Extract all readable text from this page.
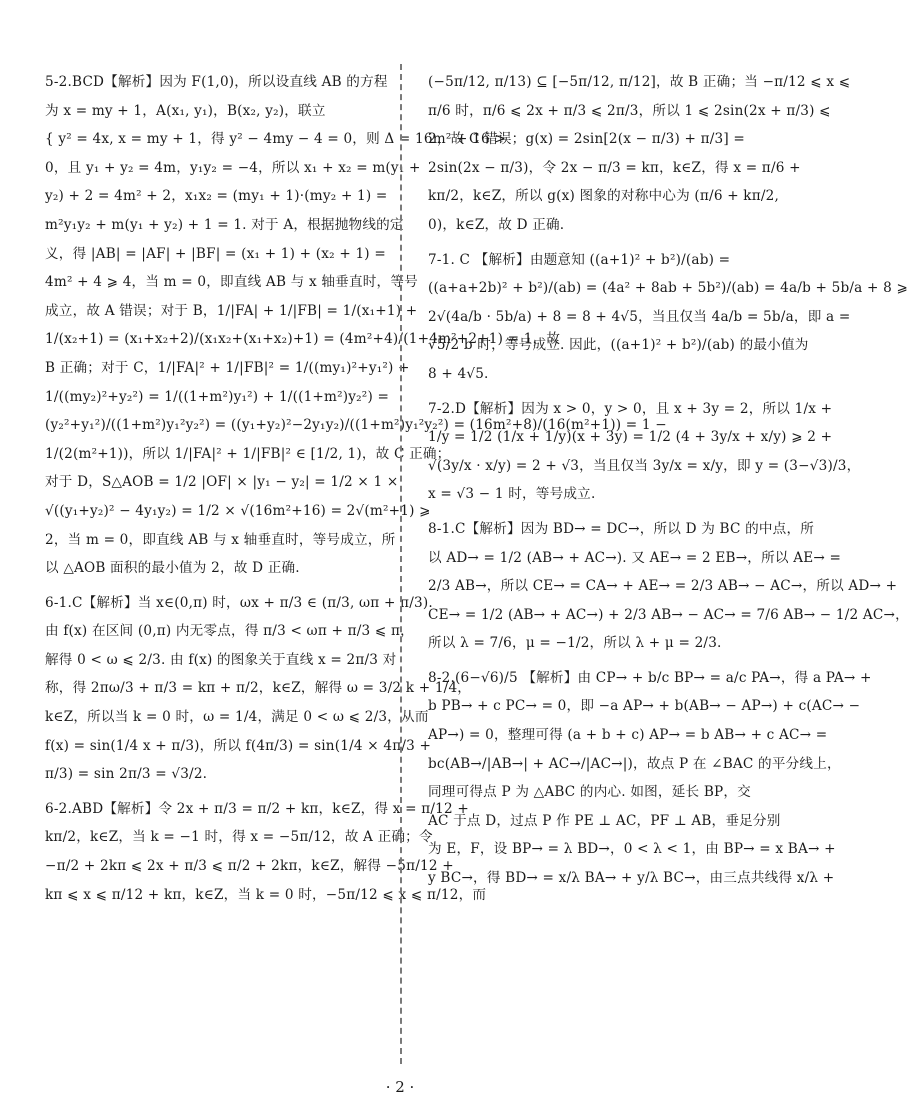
5-2.BCD【解析】因为 F(1,0)，所以设直线 AB 的方程
为 x = my + 1，A(x₁, y₁)，B(x₂, y₂)，联立
{ y² = 4x, x = my + 1，得 y² − 4my − 4 = 0，则 Δ = 16m² + 16 >
0，且 y₁ + y₂ = 4m，y₁y₂ = −4，所以 x₁ + x₂ = m(y₁ +
y₂) + 2 = 4m² + 2，x₁x₂ = (my₁ + 1)·(my₂ + 1) =
m²y₁y₂ + m(y₁ + y₂) + 1 = 1. 对于 A，根据抛物线的定
义，得 |AB| = |AF| + |BF| = (x₁ + 1) + (x₂ + 1) =
4m² + 4 ⩾ 4，当 m = 0，即直线 AB 与 x 轴垂直时，等号
成立，故 A 错误；对于 B，1/|FA| + 1/|FB| = 1/(x₁+1) +
1/(x₂+1) = (x₁+x₂+2)/(x₁x₂+(x₁+x₂)+1) = (4m²+4)/(1+4m²+2+1) = 1，故
B 正确；对于 C，1/|FA|² + 1/|FB|² = 1/((my₁)²+y₁²) +
1/((my₂)²+y₂²) = 1/((1+m²)y₁²) + 1/((1+m²)y₂²) =
(y₂²+y₁²)/((1+m²)y₁²y₂²) = ((y₁+y₂)²−2y₁y₂)/((1+m²)y₁²y₂²) = (16m²+8)/(16(m²+1)) = 1 −
1/(2(m²+1))，所以 1/|FA|² + 1/|FB|² ∈ [1/2, 1)，故 C 正确；
对于 D，S△AOB = 1/2 |OF| × |y₁ − y₂| = 1/2 × 1 ×
√((y₁+y₂)² − 4y₁y₂) = 1/2 × √(16m²+16) = 2√(m²+1) ⩾
2，当 m = 0，即直线 AB 与 x 轴垂直时，等号成立，所
以 △AOB 面积的最小值为 2，故 D 正确.
6-1.C【解析】当 x∈(0,π) 时，ωx + π/3 ∈ (π/3, ωπ + π/3).
由 f(x) 在区间 (0,π) 内无零点，得 π/3 < ωπ + π/3 ⩽ π，
解得 0 < ω ⩽ 2/3. 由 f(x) 的图象关于直线 x = 2π/3 对
称，得 2πω/3 + π/3 = kπ + π/2，k∈Z，解得 ω = 3/2 k + 1/4，
k∈Z，所以当 k = 0 时，ω = 1/4，满足 0 < ω ⩽ 2/3，从而
f(x) = sin(1/4 x + π/3)，所以 f(4π/3) = sin(1/4 × 4π/3 +
π/3) = sin 2π/3 = √3/2.
6-2.ABD【解析】令 2x + π/3 = π/2 + kπ，k∈Z，得 x = π/12 +
kπ/2，k∈Z，当 k = −1 时，得 x = −5π/12，故 A 正确；令
−π/2 + 2kπ ⩽ 2x + π/3 ⩽ π/2 + 2kπ，k∈Z，解得 −5π/12 +
kπ ⩽ x ⩽ π/12 + kπ，k∈Z，当 k = 0 时，−5π/12 ⩽ x ⩽ π/12，而
(−5π/12, π/13) ⊆ [−5π/12, π/12]，故 B 正确；当 −π/12 ⩽ x ⩽
π/6 时，π/6 ⩽ 2x + π/3 ⩽ 2π/3，所以 1 ⩽ 2sin(2x + π/3) ⩽
2，故 C 错误；g(x) = 2sin[2(x − π/3) + π/3] =
2sin(2x − π/3)，令 2x − π/3 = kπ，k∈Z，得 x = π/6 +
kπ/2，k∈Z，所以 g(x) 图象的对称中心为 (π/6 + kπ/2,
0)，k∈Z，故 D 正确.
7-1. C 【解析】由题意知 ((a+1)² + b²)/(ab) =
((a+a+2b)² + b²)/(ab) = (4a² + 8ab + 5b²)/(ab) = 4a/b + 5b/a + 8 ⩾
2√(4a/b · 5b/a) + 8 = 8 + 4√5，当且仅当 4a/b = 5b/a，即 a =
√5/2 b 时，等号成立. 因此，((a+1)² + b²)/(ab) 的最小值为
8 + 4√5.
7-2.D【解析】因为 x > 0，y > 0，且 x + 3y = 2，所以 1/x +
1/y = 1/2 (1/x + 1/y)(x + 3y) = 1/2 (4 + 3y/x + x/y) ⩾ 2 +
√(3y/x · x/y) = 2 + √3，当且仅当 3y/x = x/y，即 y = (3−√3)/3，
x = √3 − 1 时，等号成立.
8-1.C【解析】因为 BD→ = DC→，所以 D 为 BC 的中点，所
以 AD→ = 1/2 (AB→ + AC→). 又 AE→ = 2 EB→，所以 AE→ =
2/3 AB→，所以 CE→ = CA→ + AE→ = 2/3 AB→ − AC→，所以 AD→ +
CE→ = 1/2 (AB→ + AC→) + 2/3 AB→ − AC→ = 7/6 AB→ − 1/2 AC→，
所以 λ = 7/6，μ = −1/2，所以 λ + μ = 2/3.
8-2.(6−√6)/5 【解析】由 CP→ + b/c BP→ = a/c PA→，得 a PA→ +
b PB→ + c PC→ = 0，即 −a AP→ + b(AB→ − AP→) + c(AC→ −
AP→) = 0，整理可得 (a + b + c) AP→ = b AB→ + c AC→ =
bc(AB→/|AB→| + AC→/|AC→|)，故点 P 在 ∠BAC 的平分线上，
同理可得点 P 为 △ABC 的内心. 如图，延长 BP，交
AC 于点 D，过点 P 作 PE ⊥ AC，PF ⊥ AB，垂足分别
为 E，F，设 BP→ = λ BD→，0 < λ < 1，由 BP→ = x BA→ +
y BC→，得 BD→ = x/λ BA→ + y/λ BC→，由三点共线得 x/λ +
· 2 ·
